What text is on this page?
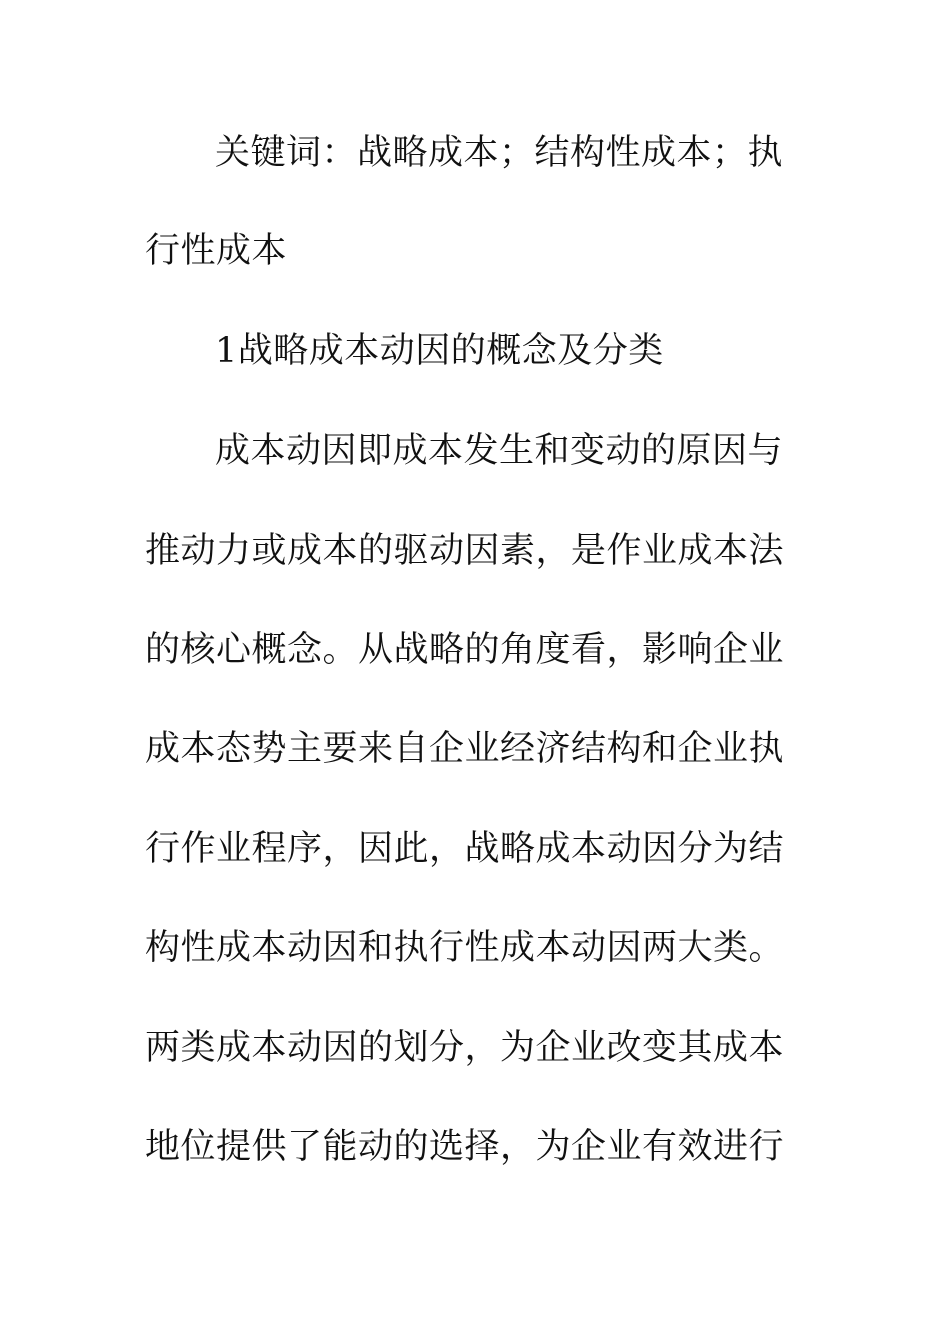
关键词：战略成本；结构性成本；执
行性成本
1战略成本动因的概念及分类
成本动因即成本发生和变动的原因与
推动力或成本的驱动因素，是作业成本法
的核心概念。从战略的角度看，影响企业
成本态势主要来自企业经济结构和企业执
行作业程序，因此，战略成本动因分为结
构性成本动因和执行性成本动因两大类。
两类成本动因的划分，为企业改变其成本
地位提供了能动的选择，为企业有效进行
